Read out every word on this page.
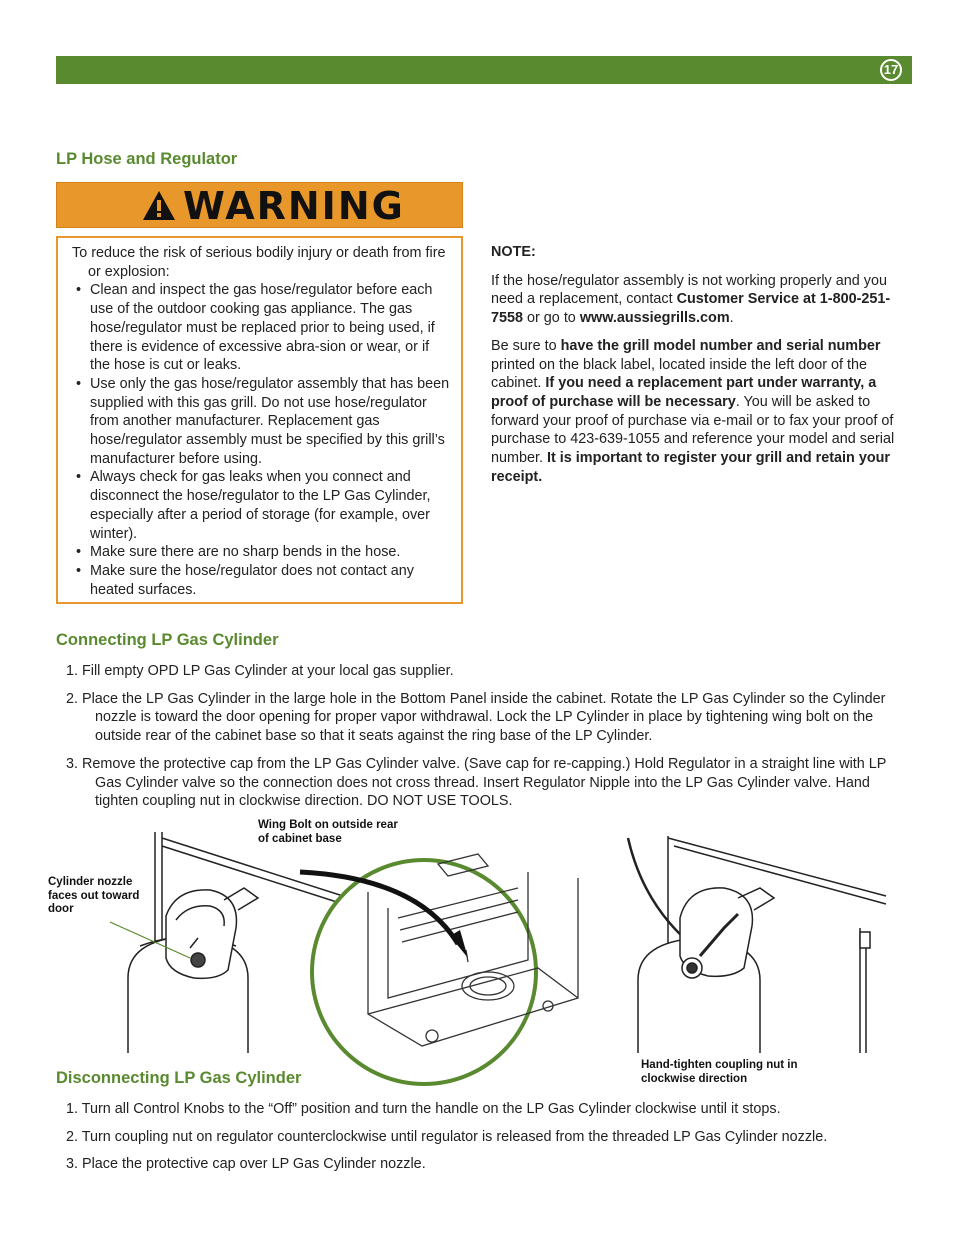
17
LP Hose and Regulator
WARNING

To reduce the risk of serious bodily injury or death from fire or explosion:

• Clean and inspect the gas hose/regulator before each use of the outdoor cooking gas appliance. The gas hose/regulator must be replaced prior to being used, if there is evidence of excessive abra-sion or wear, or if the hose is cut or leaks.
• Use only the gas hose/regulator assembly that has been supplied with this gas grill. Do not use hose/regulator from another manufacturer. Replacement gas hose/regulator assembly must be specified by this grill’s manufacturer before using.
• Always check for gas leaks when you connect and disconnect the hose/regulator to the LP Gas Cylinder, especially after a period of storage (for example, over winter).
• Make sure there are no sharp bends in the hose.
• Make sure the hose/regulator does not contact any heated surfaces.

NOTE:

If the hose/regulator assembly is not working properly and you need a replacement, contact Customer Service at 1-800-251-7558 or go to www.aussiegrills.com.

Be sure to have the grill model number and serial number printed on the black label, located inside the left door of the cabinet. If you need a replacement part under warranty, a proof of purchase will be necessary. You will be asked to forward your proof of purchase via e-mail or to fax your proof of purchase to 423-639-1055 and reference your model and serial number. It is important to register your grill and retain your receipt.

Connecting LP Gas Cylinder
1. Fill empty OPD LP Gas Cylinder at your local gas supplier.
2. Place the LP Gas Cylinder in the large hole in the Bottom Panel inside the cabinet. Rotate the LP Gas Cylinder so the Cylinder nozzle is toward the door opening for proper vapor withdrawal. Lock the LP Cylinder in place by tightening wing bolt on the outside rear of the cabinet base so that it seats against the ring base of the LP Cylinder.
3. Remove the protective cap from the LP Gas Cylinder valve. (Save cap for re-capping.) Hold Regulator in a straight line with LP Gas Cylinder valve so the connection does not cross thread. Insert Regulator Nipple into the LP Gas Cylinder valve. Hand tighten coupling nut in clockwise direction. DO NOT USE TOOLS.
Cylinder nozzle faces out toward door
Wing Bolt on outside rear of cabinet base
Hand-tighten coupling nut in clockwise direction
Disconnecting LP Gas Cylinder
1. Turn all Control Knobs to the “Off” position and turn the handle on the LP Gas Cylinder clockwise until it stops.
2. Turn coupling nut on regulator counterclockwise until regulator is released from the threaded LP Gas Cylinder nozzle.
3. Place the protective cap over LP Gas Cylinder nozzle.
